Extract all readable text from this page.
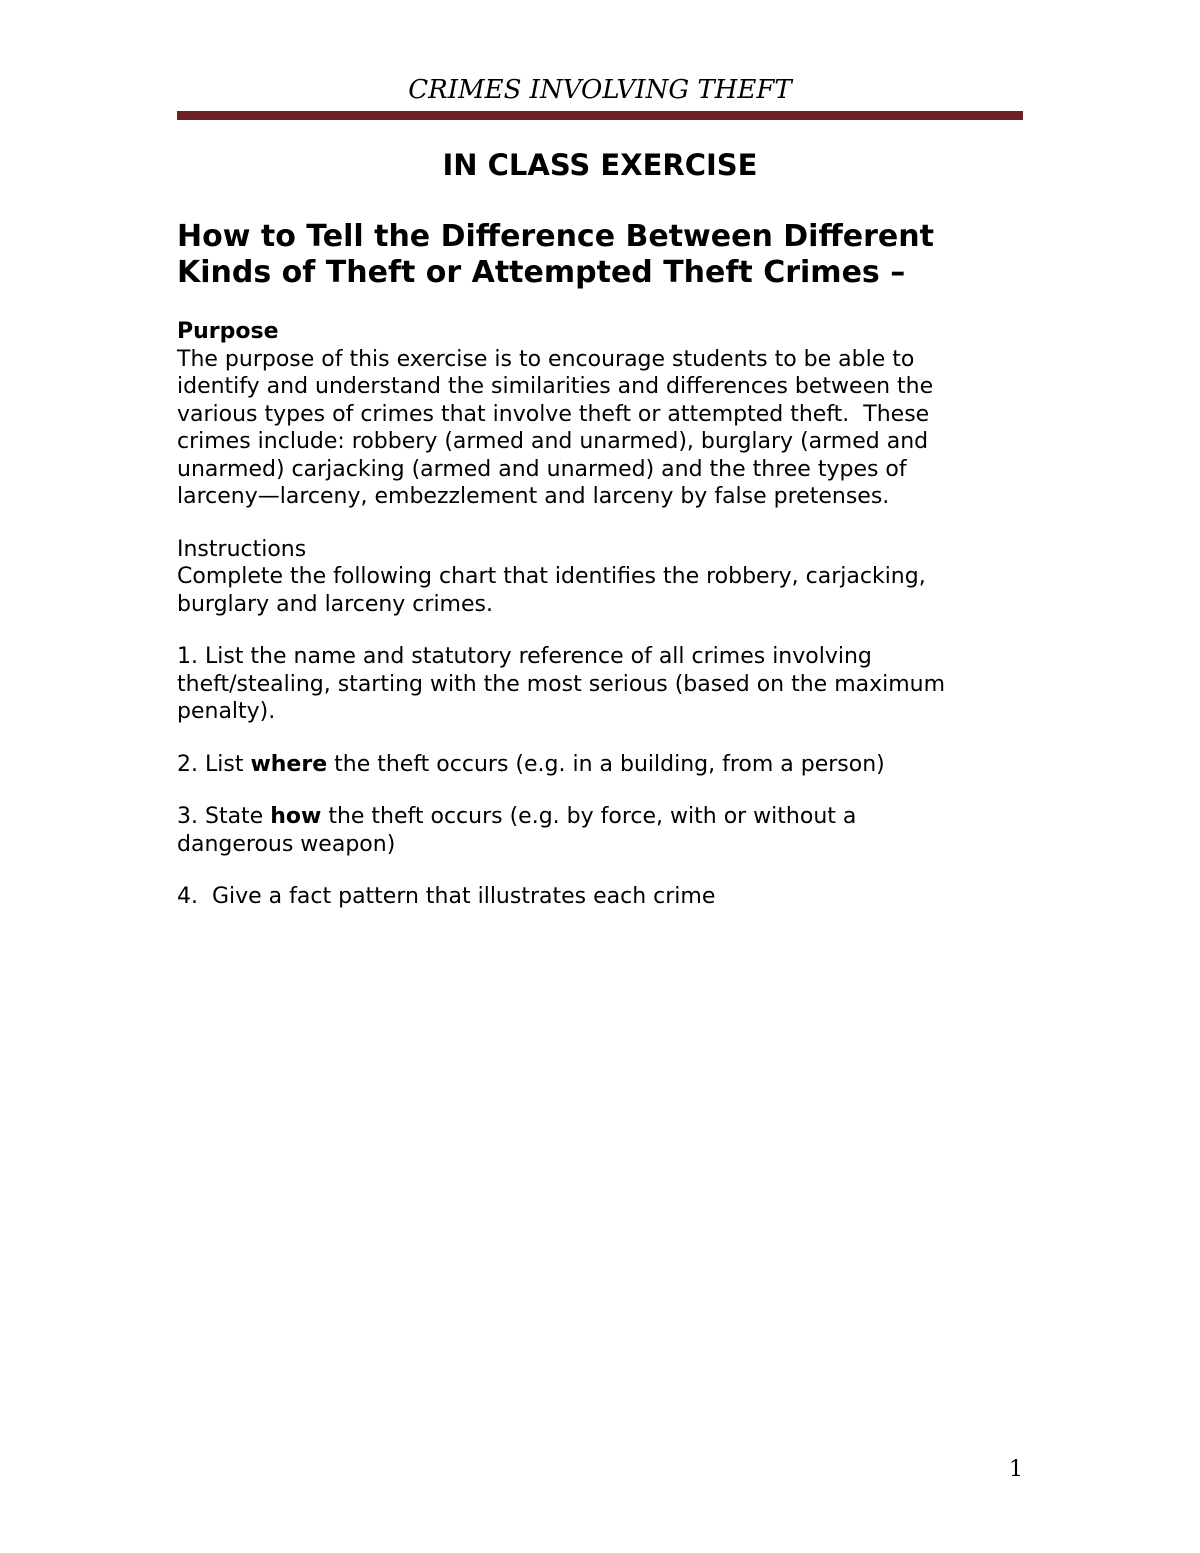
CRIMES INVOLVING THEFT
IN CLASS EXERCISE
How to Tell the Difference Between Different
Kinds of Theft or Attempted Theft Crimes –
Purpose
The purpose of this exercise is to encourage students to be able to
identify and understand the similarities and differences between the
various types of crimes that involve theft or attempted theft.  These
crimes include: robbery (armed and unarmed), burglary (armed and
unarmed) carjacking (armed and unarmed) and the three types of
larceny—larceny, embezzlement and larceny by false pretenses.
Instructions
Complete the following chart that identifies the robbery, carjacking,
burglary and larceny crimes.
1. List the name and statutory reference of all crimes involving
theft/stealing, starting with the most serious (based on the maximum
penalty).
2. List where the theft occurs (e.g. in a building, from a person)
3. State how the theft occurs (e.g. by force, with or without a
dangerous weapon)
4.  Give a fact pattern that illustrates each crime
1
